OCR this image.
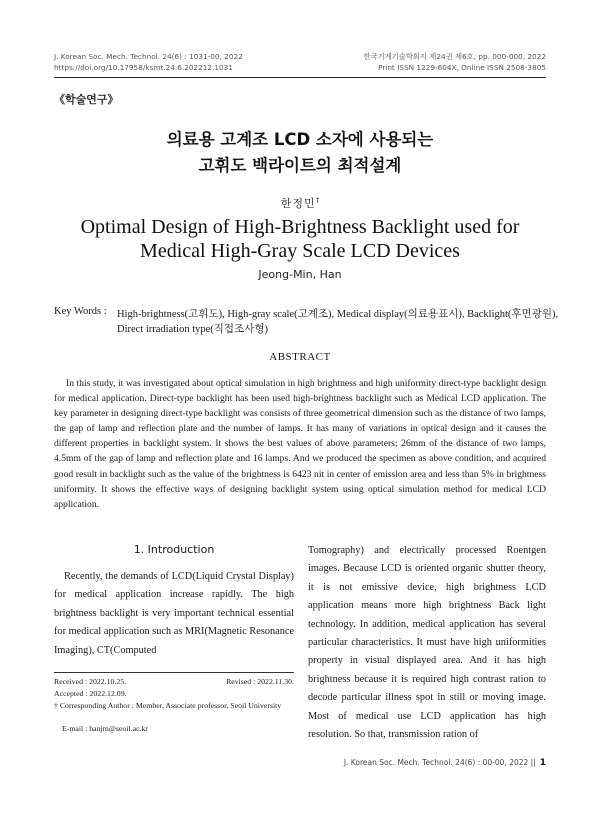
J. Korean Soc. Mech. Technol. 24(6) : 1031-00, 2022
https://doi.org/10.17958/ksmt.24.6.202212.1031
한국기계기술학회지 제24권 제6호, pp. 000-000, 2022
Print ISSN 1229-604X, Online ISSN 2508-3805
《학술연구》
의료용 고계조 LCD 소자에 사용되는
고휘도 백라이트의 최적설계
한정민†
Optimal Design of High-Brightness Backlight used for
Medical High-Gray Scale LCD Devices
Jeong-Min, Han
Key Words : High-brightness(고휘도), High-gray scale(고계조), Medical display(의료용표시), Backlight(후면광원),
Direct irradiation type(직접조사형)
ABSTRACT

In this study, it was investigated about optical simulation in high brightness and high uniformity direct-type backlight design for medical application. Direct-type backlight has been used high-brightness backlight such as Medical LCD application. The key parameter in designing direct-type backlight was consists of three geometrical dimension such as the distance of two lamps, the gap of lamp and reflection plate and the number of lamps. It has many of variations in optical design and it causes the different properties in backlight system. It shows the best values of above parameters; 26mm of the distance of two lamps, 4.5mm of the gap of lamp and reflection plate and 16 lamps. And we produced the specimen as above condition, and acquired good result in backlight such as the value of the brightness is 6423 nit in center of emission area and less than 5% in brightness uniformity. It shows the effective ways of designing backlight system using optical simulation method for medical LCD application.

1. Introduction

Recently, the demands of LCD(Liquid Crystal Display) for medical application increase rapidly. The high brightness backlight is very important technical essential for medical application such as MRI(Magnetic Resonance Imaging), CT(Computed

Tomography) and electrically processed Roentgen images. Because LCD is oriented organic shutter theory, it is not emissive device, high brightness LCD application means more high brightness Back light technology. In addition, medical application has several particular characteristics. It must have high uniformities property in visual displayed area. And it has high brightness because it is required high contrast ration to decode particular illness spot in still or moving image. Most of medical use LCD application has high resolution. So that, transmission ration of

Received : 2022.10.25.	Revised : 2022.11.30.
Accepted : 2022.12.09.
† Corresponding Author : Member, Associate professor, Seoil University
E-mail : hanjm@seoil.ac.kr
J. Korean Soc. Mech. Technol. 24(6) : 00-00, 2022 || 1
